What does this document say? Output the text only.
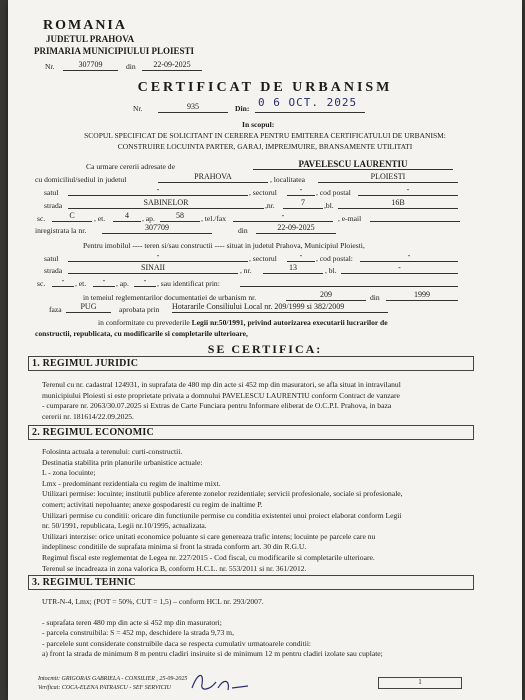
ROMANIA
JUDETUL PRAHOVA
PRIMARIA MUNICIPIULUI PLOIESTI
Nr.	307709	din	22-09-2025
CERTIFICAT DE URBANISM
Nr.	935	Din: 0 6 OCT. 2025
In scopul:
SCOPUL SPECIFICAT DE SOLICITANT IN CEREREA PENTRU EMITEREA CERTIFICATULUI DE URBANISM:
CONSTRUIRE LOCUINTA PARTER, GARAJ, IMPREJMUIRE, BRANSAMENTE UTILITATI
Ca urmare cererii adresate de	PAVELESCU LAURENTIU
cu domiciliul/sediul in judetul	PRAHOVA	, localitatea	PLOIESTI
satul	-	, sectorul	-	, cod postal	-
strada	SABINELOR	,nr.	7	,bl.	16B
sc.	C	, et.	4	, ap.	58	, tel./fax	-	, e-mail
inregistrata la nr.	307709	din	22-09-2025
Pentru imobilul ---- teren si/sau constructii ---- situat in judetul Prahova, Municipiul Ploiesti,
satul	-	, sectorul	-	, cod postal:	-
strada	SINAII	, nr.	13	, bl.	-
sc.	-	, et.	-	, ap.	-	, sau identificat prin:
in temeiul reglementarilor documentatiei de urbanism nr.	209	din	1999
faza	PUG	aprobata prin Hotararile Consiliului Local nr. 209/1999 si 382/2009
in conformitate cu prevederile Legii nr.50/1991, privind autorizarea executarii lucrarilor de
constructii, republicata, cu modificarile si completarile ulterioare,
SE CERTIFICA:
1. REGIMUL JURIDIC
Terenul cu nr. cadastral 124931, in suprafata de 480 mp din acte si 452 mp din masuratori, se afla situat in intravilanul
municipiului Ploiesti si este proprietate privata a domnului PAVELESCU LAURENTIU conform Contract de vanzare
- cumparare nr. 2063/30.07.2025 si Extras de Carte Funciara pentru Informare eliberat de O.C.P.I. Prahova, in baza
cererii nr. 181614/22.09.2025.
2. REGIMUL ECONOMIC
Folosinta actuala a terenului: curti-constructii.
Destinatia stabilita prin planurile urbanistice actuale:
L - zona locuinte;
Lmx - predominant rezidentiala cu regim de inaltime mixt.
Utilizari permise: locuinte; institutii publice aferente zonelor rezidentiale; servicii profesionale, sociale si profesionale,
comert; activitati nepoluante; anexe gospodaresti cu regim de inaltime P.
Utilizari permise cu conditii: oricare din functiunile permise cu conditia existentei unui proiect elaborat conform Legii
nr. 50/1991, republicata, Legii nr.10/1995, actualizata.
Utilizari interzise: orice unitati economice poluante si care genereaza trafic intens; locuinte pe parcele care nu
indeplinesc conditiile de suprafata minima si front la strada conform art. 30 din R.G.U.
Regimul fiscal este reglementat de Legea nr. 227/2015 - Cod fiscal, cu modificarile si completarile ulterioare.
Terenul se incadreaza in zona valorica B, conform H.C.L. nr. 553/2011 si nr. 361/2012.
3. REGIMUL TEHNIC
UTR-N-4, Lmx; (POT = 50%, CUT = 1,5) – conform HCL nr. 293/2007.
- suprafata teren 480 mp din acte si 452 mp din masuratori;
- parcela construibila: S = 452 mp, deschidere la strada 9,73 m,
- parcelele sunt considerate construibile daca se respecta cumulativ urmatoarele conditii:
a) front la strada de minimum 8 m pentru cladiri insiruite si de minimum 12 m pentru cladiri izolate sau cuplate;
Intocmit: GRIGORAS GABRIELA - CONSILIER , 25-09-2025
Verificat: COCA-ELENA PATRASCU - SEF SERVICIU
1
